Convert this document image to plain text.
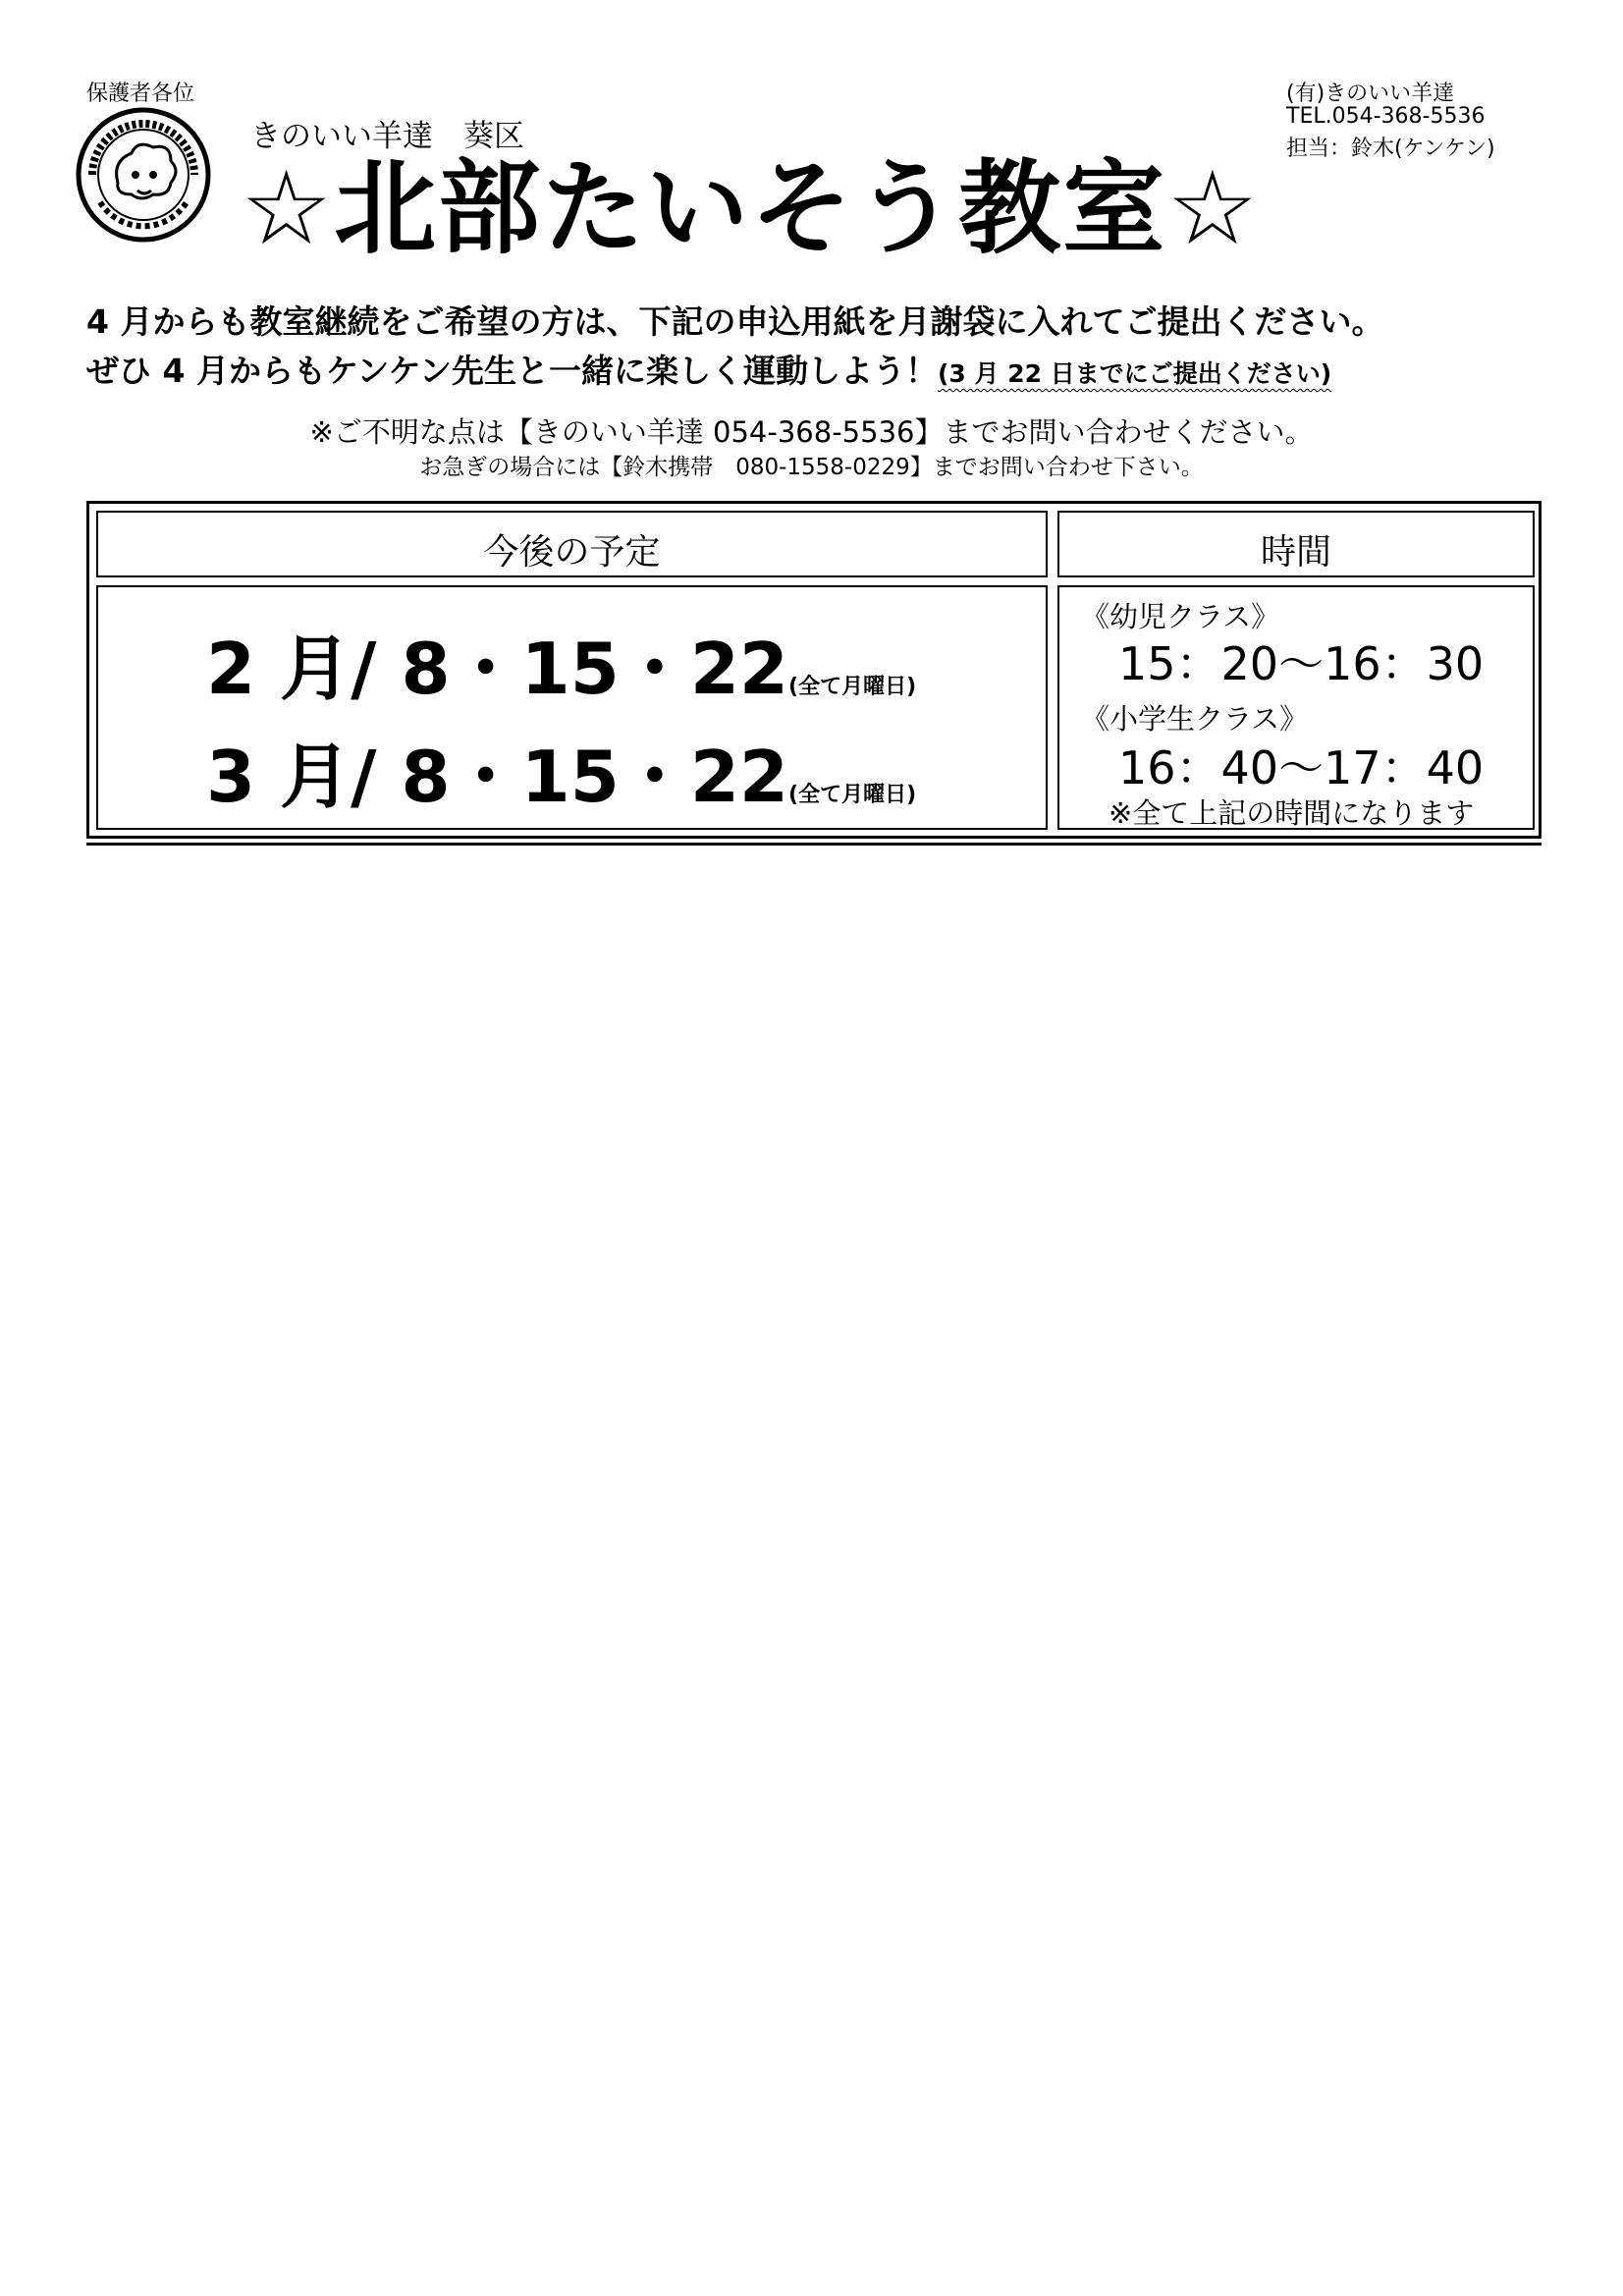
保護者各位
きのいい羊達　葵区
☆北部たいそう教室☆
(有)きのいい羊達
TEL.054-368-5536
担当：鈴木(ケンケン)
4 月からも教室継続をご希望の方は、下記の申込用紙を月謝袋に入れてご提出ください。
ぜひ 4 月からもケンケン先生と一緒に楽しく運動しよう！(3 月 22 日までにご提出ください)
※ご不明な点は【きのいい羊達 054-368-5536】までお問い合わせください。
お急ぎの場合には【鈴木携帯　080-1558-0229】までお問い合わせ下さい。
今後の予定	時間
2 月/ 8・15・22(全て月曜日)
3 月/ 8・15・22(全て月曜日)
《幼児クラス》
15：20～16：30
《小学生クラス》
16：40～17：40
※全て上記の時間になります
